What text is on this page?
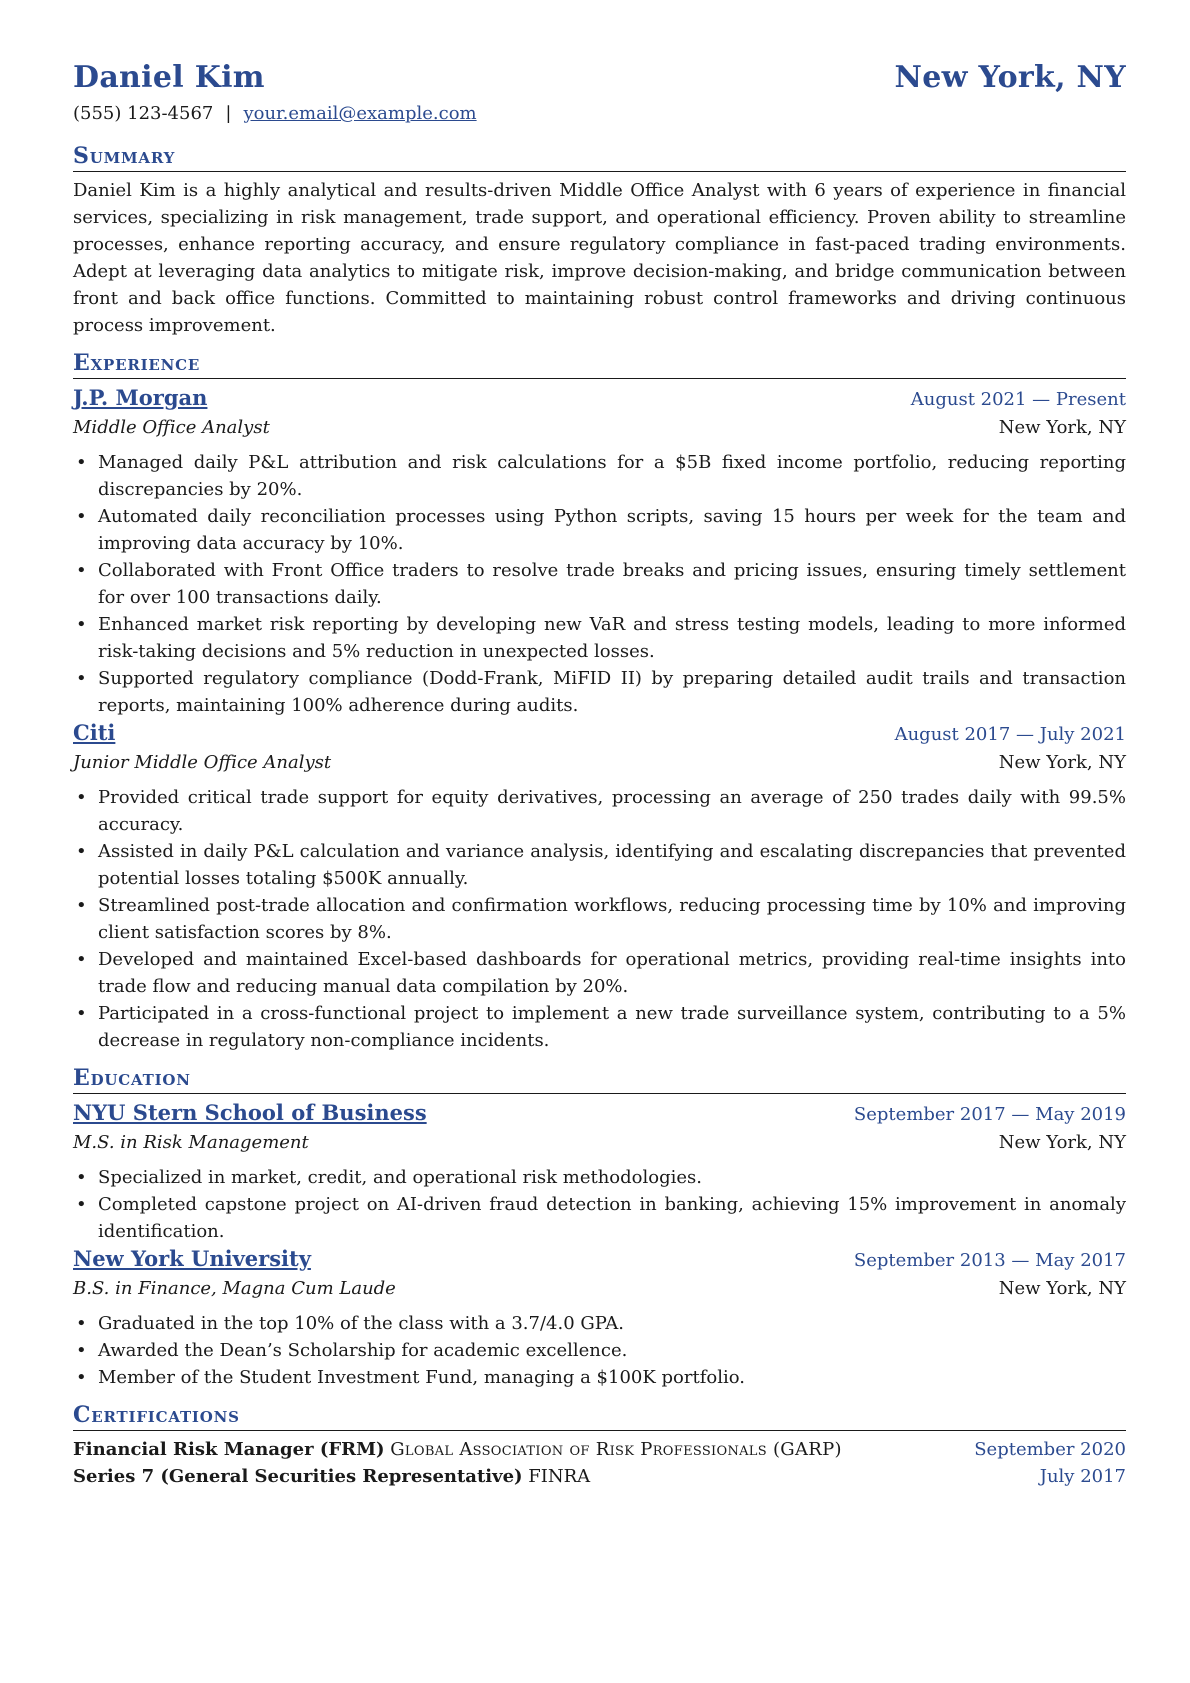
Daniel Kim	New York, NY
(555) 123-4567 | your.email@example.com
Summary
Daniel Kim is a highly analytical and results-driven Middle Office Analyst with 6 years of experience in financial services, specializing in risk management, trade support, and operational efficiency. Proven ability to streamline processes, enhance reporting accuracy, and ensure regulatory compliance in fast-paced trading environments. Adept at leveraging data analytics to mitigate risk, improve decision-making, and bridge communication between front and back office functions. Committed to maintaining robust control frameworks and driving continuous process improvement.
Experience
J.P. Morgan	August 2021 — Present
Middle Office Analyst	New York, NY
• Managed daily P&L attribution and risk calculations for a $5B fixed income portfolio, reducing reporting discrepancies by 20%.
• Automated daily reconciliation processes using Python scripts, saving 15 hours per week for the team and improving data accuracy by 10%.
• Collaborated with Front Office traders to resolve trade breaks and pricing issues, ensuring timely settlement for over 100 transactions daily.
• Enhanced market risk reporting by developing new VaR and stress testing models, leading to more informed risk-taking decisions and 5% reduction in unexpected losses.
• Supported regulatory compliance (Dodd-Frank, MiFID II) by preparing detailed audit trails and transaction reports, maintaining 100% adherence during audits.
Citi	August 2017 — July 2021
Junior Middle Office Analyst	New York, NY
• Provided critical trade support for equity derivatives, processing an average of 250 trades daily with 99.5% accuracy.
• Assisted in daily P&L calculation and variance analysis, identifying and escalating discrepancies that prevented potential losses totaling $500K annually.
• Streamlined post-trade allocation and confirmation workflows, reducing processing time by 10% and improving client satisfaction scores by 8%.
• Developed and maintained Excel-based dashboards for operational metrics, providing real-time insights into trade flow and reducing manual data compilation by 20%.
• Participated in a cross-functional project to implement a new trade surveillance system, contributing to a 5% decrease in regulatory non-compliance incidents.
Education
NYU Stern School of Business	September 2017 — May 2019
M.S. in Risk Management	New York, NY
• Specialized in market, credit, and operational risk methodologies.
• Completed capstone project on AI-driven fraud detection in banking, achieving 15% improvement in anomaly identification.
New York University	September 2013 — May 2017
B.S. in Finance, Magna Cum Laude	New York, NY
• Graduated in the top 10% of the class with a 3.7/4.0 GPA.
• Awarded the Dean’s Scholarship for academic excellence.
• Member of the Student Investment Fund, managing a $100K portfolio.
Certifications
Financial Risk Manager (FRM) Global Association of Risk Professionals (GARP)	September 2020
Series 7 (General Securities Representative) FINRA	July 2017
